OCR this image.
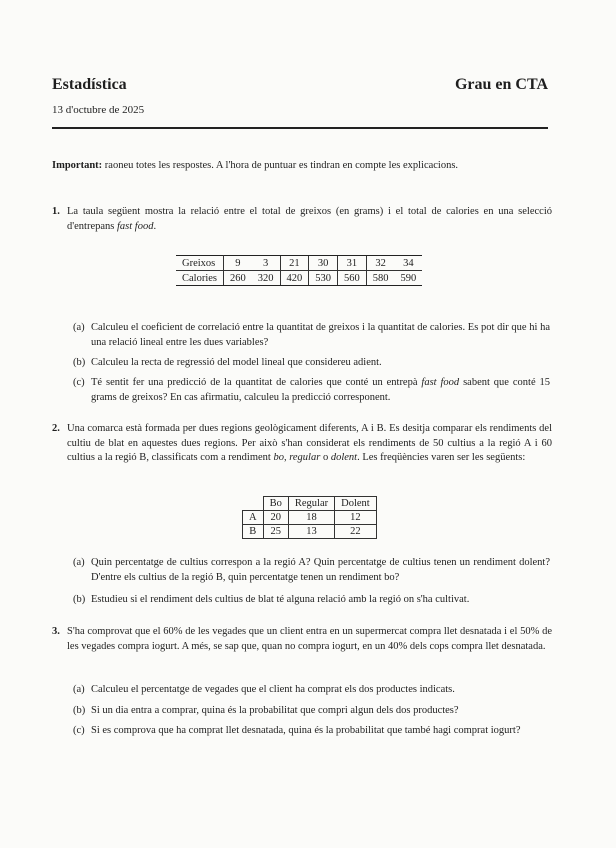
Estadística	Grau en CTA
13 d'octubre de 2025
Important: raoneu totes les respostes. A l'hora de puntuar es tindran en compte les explicacions.
1. La taula següent mostra la relació entre el total de greixos (en grams) i el total de calories en una selecció d'entrepans fast food.
Greixos	9	3	21	30	31	32	34
Calories	260	320	420	530	560	580	590
(a) Calculeu el coeficient de correlació entre la quantitat de greixos i la quantitat de calories. Es pot dir que hi ha una relació lineal entre les dues variables?
(b) Calculeu la recta de regressió del model lineal que considereu adient.
(c) Té sentit fer una predicció de la quantitat de calories que conté un entrepà fast food sabent que conté 15 grams de greixos? En cas afirmatiu, calculeu la predicció corresponent.
2. Una comarca està formada per dues regions geològicament diferents, A i B. Es desitja comparar els rendiments del cultiu de blat en aquestes dues regions. Per això s'han considerat els rendiments de 50 cultius a la regió A i 60 cultius a la regió B, classificats com a rendiment bo, regular o dolent. Les freqüències varen ser les següents:
	Bo	Regular	Dolent
A	20	18	12
B	25	13	22
(a) Quin percentatge de cultius correspon a la regió A? Quin percentatge de cultius tenen un rendiment dolent? D'entre els cultius de la regió B, quin percentatge tenen un rendiment bo?
(b) Estudieu si el rendiment dels cultius de blat té alguna relació amb la regió on s'ha cultivat.
3. S'ha comprovat que el 60% de les vegades que un client entra en un supermercat compra llet desnatada i el 50% de les vegades compra iogurt. A més, se sap que, quan no compra iogurt, en un 40% dels cops compra llet desnatada.
(a) Calculeu el percentatge de vegades que el client ha comprat els dos productes indicats.
(b) Si un dia entra a comprar, quina és la probabilitat que compri algun dels dos productes?
(c) Si es comprova que ha comprat llet desnatada, quina és la probabilitat que també hagi comprat iogurt?
